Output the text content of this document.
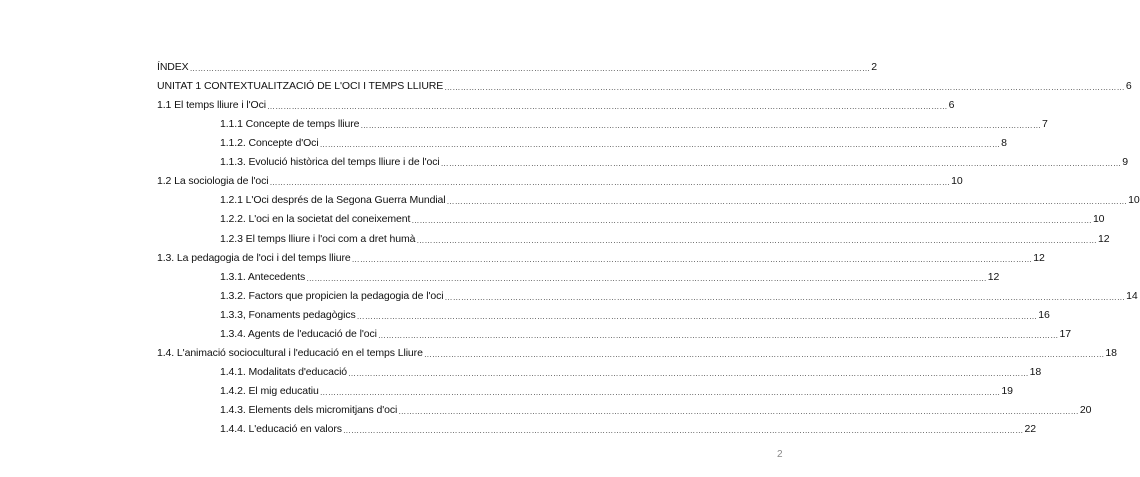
ÍNDEX …………………………………………………………………………………………………………………………………………………………………………………………………………………………… 2
UNITAT 1 CONTEXTUALITZACIÓ DE L'OCI I TEMPS LLIURE …………………………………………………………………………………………………………………………………………………………………………………………………………………………… 6
1.1 El temps lliure i l'Oci …………………………………………………………………………………………………………………………………………………………………………………………………………………………… 6
1.1.1 Concepte de temps lliure …………………………………………………………………………………………………………………………………………………………………………………………………………………………… 7
1.1.2. Concepte d'Oci …………………………………………………………………………………………………………………………………………………………………………………………………………………………… 8
1.1.3. Evolució històrica del temps lliure i de l'oci …………………………………………………………………………………………………………………………………………………………………………………………………………………………… 9
1.2 La sociologia de l'oci …………………………………………………………………………………………………………………………………………………………………………………………………………………………… 10
1.2.1 L'Oci després de la Segona Guerra Mundial …………………………………………………………………………………………………………………………………………………………………………………………………………………………… 10
1.2.2. L'oci en la societat del coneixement …………………………………………………………………………………………………………………………………………………………………………………………………………………………… 10
1.2.3 El temps lliure i l'oci com a dret humà …………………………………………………………………………………………………………………………………………………………………………………………………………………………… 12
1.3. La pedagogia de l'oci i del temps lliure …………………………………………………………………………………………………………………………………………………………………………………………………………………………… 12
1.3.1. Antecedents …………………………………………………………………………………………………………………………………………………………………………………………………………………………… 12
1.3.2. Factors que propicien la pedagogia de l'oci …………………………………………………………………………………………………………………………………………………………………………………………………………………………… 14
1.3.3, Fonaments pedagògics …………………………………………………………………………………………………………………………………………………………………………………………………………………………… 16
1.3.4. Agents de l'educació de l'oci …………………………………………………………………………………………………………………………………………………………………………………………………………………………… 17
1.4. L'animació sociocultural i l'educació en el temps Lliure …………………………………………………………………………………………………………………………………………………………………………………………………………………………… 18
1.4.1. Modalitats d'educació …………………………………………………………………………………………………………………………………………………………………………………………………………………………… 18
1.4.2. El mig educatiu …………………………………………………………………………………………………………………………………………………………………………………………………………………………… 19
1.4.3. Elements dels micromitjans d'oci …………………………………………………………………………………………………………………………………………………………………………………………………………………………… 20
1.4.4. L'educació en valors …………………………………………………………………………………………………………………………………………………………………………………………………………………………… 22
2
